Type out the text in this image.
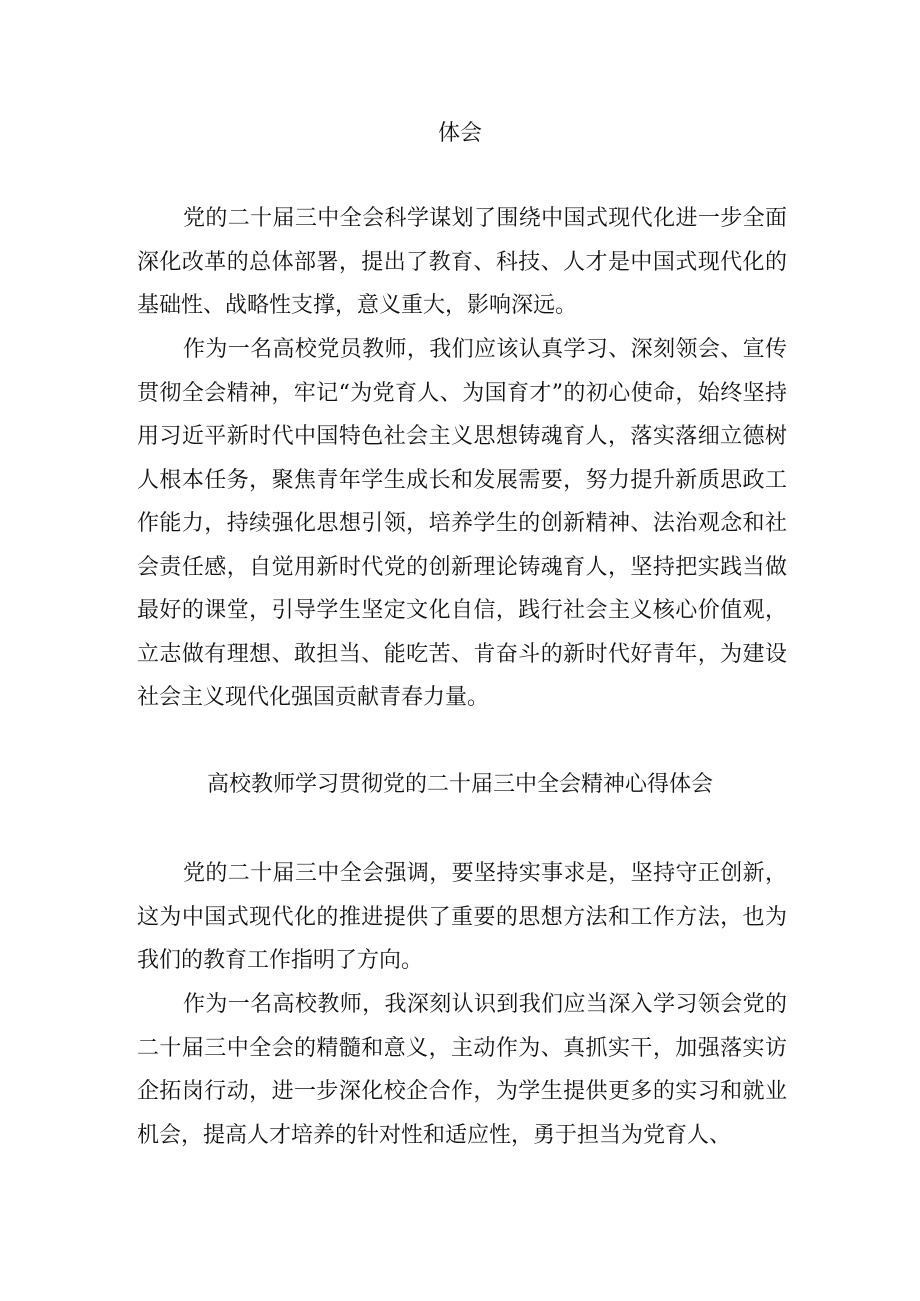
体会

党的二十届三中全会科学谋划了围绕中国式现代化进一步全面深化改革的总体部署，提出了教育、科技、人才是中国式现代化的基础性、战略性支撑，意义重大，影响深远。

作为一名高校党员教师，我们应该认真学习、深刻领会、宣传贯彻全会精神，牢记“为党育人、为国育才”的初心使命，始终坚持用习近平新时代中国特色社会主义思想铸魂育人，落实落细立德树人根本任务，聚焦青年学生成长和发展需要，努力提升新质思政工作能力，持续强化思想引领，培养学生的创新精神、法治观念和社会责任感，自觉用新时代党的创新理论铸魂育人，坚持把实践当做最好的课堂，引导学生坚定文化自信，践行社会主义核心价值观，立志做有理想、敢担当、能吃苦、肯奋斗的新时代好青年，为建设社会主义现代化强国贡献青春力量。

高校教师学习贯彻党的二十届三中全会精神心得体会

党的二十届三中全会强调，要坚持实事求是，坚持守正创新，这为中国式现代化的推进提供了重要的思想方法和工作方法，也为我们的教育工作指明了方向。

作为一名高校教师，我深刻认识到我们应当深入学习领会党的二十届三中全会的精髓和意义，主动作为、真抓实干，加强落实访企拓岗行动，进一步深化校企合作，为学生提供更多的实习和就业机会，提高人才培养的针对性和适应性，勇于担当为党育人、
